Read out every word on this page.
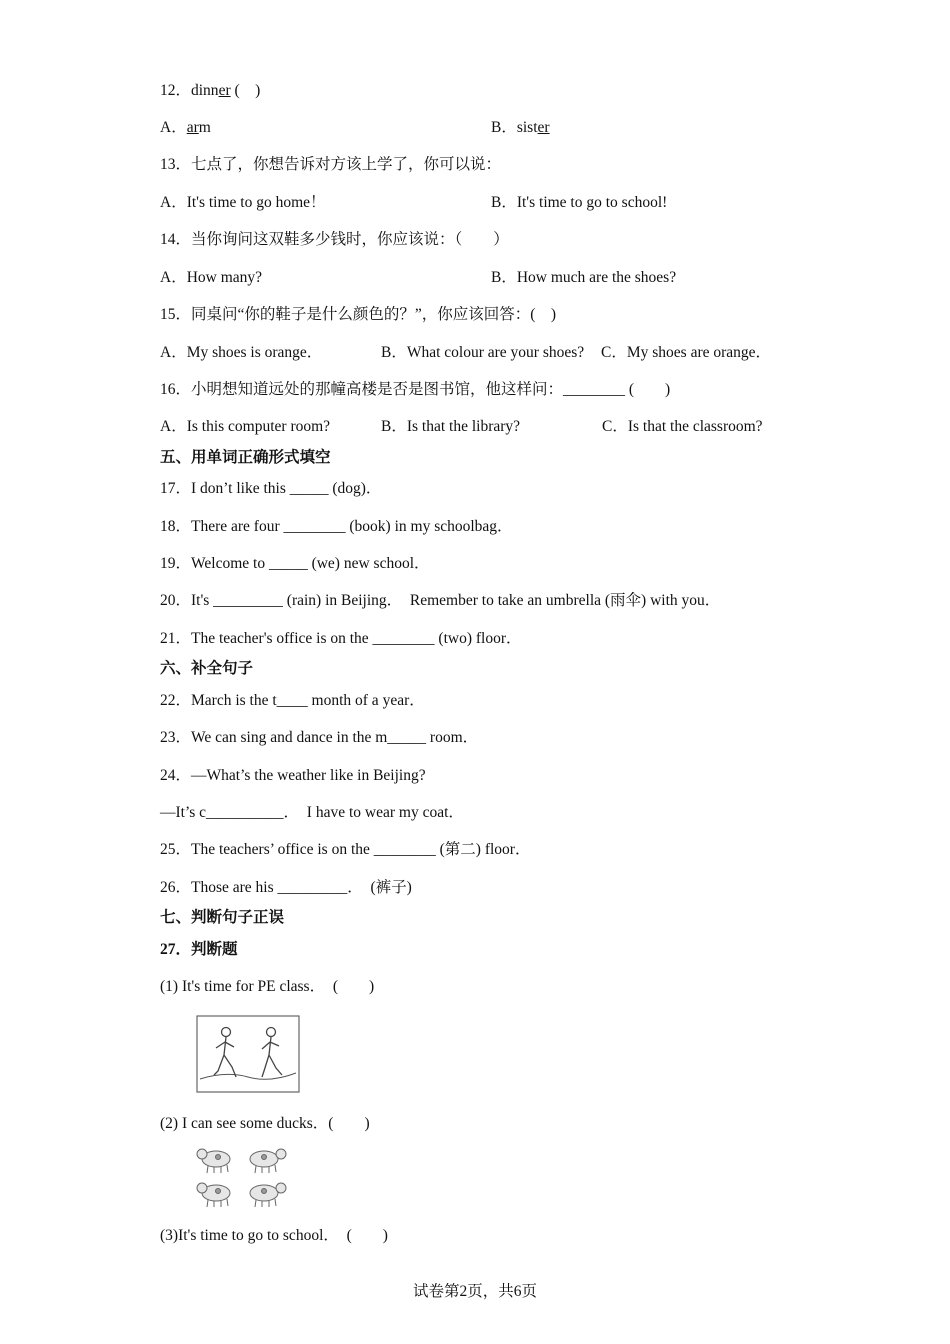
12．dinner (　)
A．arm	B．sister
13．七点了，你想告诉对方该上学了，你可以说：
A．It's time to go home！	B．It's time to go to school!
14．当你询问这双鞋多少钱时，你应该说：（　　）
A．How many?	B．How much are the shoes?
15．同桌问“你的鞋子是什么颜色的？”，你应该回答：(　)
A．My shoes is orange．	B．What colour are your shoes? C．My shoes are orange．
16．小明想知道远处的那幢高楼是否是图书馆，他这样问：________ (　　)
A．Is this computer room?	B．Is that the library?	C．Is that the classroom?
五、用单词正确形式填空
17．I don’t like this _____ (dog)．
18．There are four ________ (book) in my schoolbag．
19．Welcome to _____ (we) new school．
20．It's _________ (rain) in Beijing．  Remember to take an umbrella (雨伞) with you．
21．The teacher's office is on the ________ (two) floor．
六、补全句子
22．March is the t____ month of a year．
23．We can sing and dance in the m_____ room．
24．—What’s the weather like in Beijing?
—It’s c__________．  I have to wear my coat．
25．The teachers’ office is on the ________ (第二) floor．
26．Those are his _________．  (裤子)
七、判断句子正误
27．判断题
(1) It's time for PE class．　(　　)
(2) I can see some ducks．(　　)
(3)It's time to go to school．　(　　)
试卷第2页，共6页
